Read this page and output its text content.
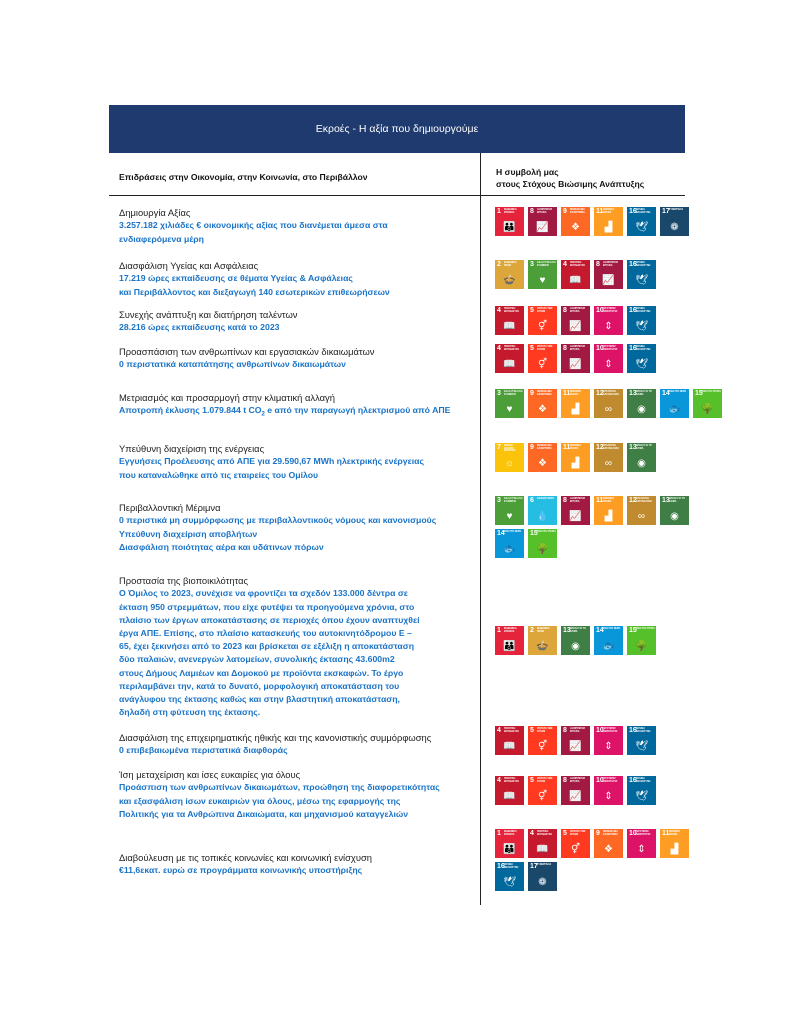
Εκροές - Η αξία που δημιουργούμε
Επιδράσεις στην Οικονομία, στην Κοινωνία, στο Περιβάλλον	Η συμβολή μας
στους Στόχους Βιώσιμης Ανάπτυξης
Δημιουργία Αξίας
3.257.182 χιλιάδες € οικονομικής αξίας που διανέμεται άμεσα στα
ενδιαφερόμενα μέρη
Διασφάλιση Υγείας και Ασφάλειας
17.219 ώρες εκπαίδευσης σε θέματα Υγείας & Ασφάλειας
και Περιβάλλοντος και διεξαγωγή 140 εσωτερικών επιθεωρήσεων
Συνεχής ανάπτυξη και διατήρηση ταλέντων
28.216 ώρες εκπαίδευσης κατά το 2023
Προασπάσιση των ανθρωπίνων και εργασιακών δικαιωμάτων
0 περιστατικά καταπάτησης ανθρωπίνων δικαιωμάτων
Μετριασμός και προσαρμογή στην κλιματική αλλαγή
Αποτροπή έκλυσης 1.079.844 t $CO_2$ e από την παραγωγή ηλεκτρισμού από ΑΠΕ
Υπεύθυνη διαχείριση της ενέργειας
Εγγυήσεις Προέλευσης από ΑΠΕ για 29.590,67 MWh ηλεκτρικής ενέργειας
που καταναλώθηκε από τις εταιρείες του Ομίλου
Περιβαλλοντική Μέριμνα
0 περιστικά μη συμμόρφωσης με περιβαλλοντικούς νόμους και κανονισμούς
Υπεύθυνη διαχείριση αποβλήτων
Διασφάλιση ποιότητας αέρα και υδάτινων πόρων
Προστασία της βιοποικιλότητας
Ο Όμιλος το 2023, συνέχισε να φροντίζει τα σχεδόν 133.000 δέντρα σε
έκταση 950 στρεμμάτων, που είχε φυτέψει τα προηγούμενα χρόνια, στο
πλαίσιο των έργων αποκατάστασης σε περιοχές όπου έχουν αναπτυχθεί
έργα ΑΠΕ. Επίσης, στο πλαίσιο κατασκευής του αυτοκινητόδρομου Ε –
65, έχει ξεκινήσει από το 2023 και βρίσκεται σε εξέλιξη η αποκατάσταση
δύο παλαιών, ανενεργών λατομείων, συνολικής έκτασης 43.600m2
στους Δήμους Λαμιέων και Δομοκού με προϊόντα εκσκαφών. Το έργο
περιλαμβάνει την, κατά το δυνατό, μορφολογική αποκατάσταση του
ανάγλυφου της έκτασης καθώς και στην βλαστητική αποκατάσταση,
δηλαδή στη φύτευση της έκτασης.
Διασφάλιση της επιχειρηματικής ηθικής και της κανονιστικής συμμόρφωσης
0 επιβεβαιωμένα περιστατικά διαφθοράς
Ίση μεταχείριση και ίσες ευκαιρίες για όλους
Προάσπιση των ανθρωπίνων δικαιωμάτων, προώθηση της διαφορετικότητας
και εξασφάλιση ίσων ευκαιριών για όλους, μέσω της εφαρμογής της
Πολιτικής για τα Ανθρώπινα Δικαιώματα, και μηχανισμού καταγγελιών
Διαβούλευση με τις τοπικές κοινωνίες και κοινωνική ενίσχυση
€11,6εκατ. ευρώ σε προγράμματα κοινωνικής υποστήριξης
1 ΜΗΔΕΝΙΚΗ ΦΤΩΧΕΙΑ
👪
8 ΑΞΙΟΠΡΕΠΗΣ ΕΡΓΑΣΙΑ
📈
9 ΒΙΟΜΗΧΑΝΙΑ ΚΑΙΝΟΤΟΜΙΑ
❖
11 ΒΙΩΣΙΜΕΣ ΠΟΛΕΙΣ
▟
16 ΕΙΡΗΝΗ ΔΙΚΑΙΟΣΥΝΗ
🕊
17 ΣΥΝΕΡΓΑΣΙΑ
❁
2 ΜΗΔΕΝΙΚΗ ΠΕΙΝΑ
🍲
3 ΚΑΛΗ ΥΓΕΙΑ ΚΑΙ ΕΥΗΜΕΡΙΑ
♥
4 ΠΟΙΟΤΙΚΗ ΕΚΠΑΙΔΕΥΣΗ
📖
8 ΑΞΙΟΠΡΕΠΗΣ ΕΡΓΑΣΙΑ
📈
16 ΕΙΡΗΝΗ ΔΙΚΑΙΟΣΥΝΗ
🕊
4 ΠΟΙΟΤΙΚΗ ΕΚΠΑΙΔΕΥΣΗ
📖
5 ΙΣΟΤΗΤΑ ΤΩΝ ΦΥΛΩΝ
⚥
8 ΑΞΙΟΠΡΕΠΗΣ ΕΡΓΑΣΙΑ
📈
10 ΛΙΓΟΤΕΡΕΣ ΑΝΙΣΟΤΗΤΕΣ
⇕
16 ΕΙΡΗΝΗ ΔΙΚΑΙΟΣΥΝΗ
🕊
4 ΠΟΙΟΤΙΚΗ ΕΚΠΑΙΔΕΥΣΗ
📖
5 ΙΣΟΤΗΤΑ ΤΩΝ ΦΥΛΩΝ
⚥
8 ΑΞΙΟΠΡΕΠΗΣ ΕΡΓΑΣΙΑ
📈
10 ΛΙΓΟΤΕΡΕΣ ΑΝΙΣΟΤΗΤΕΣ
⇕
16 ΕΙΡΗΝΗ ΔΙΚΑΙΟΣΥΝΗ
🕊
3 ΚΑΛΗ ΥΓΕΙΑ ΚΑΙ ΕΥΗΜΕΡΙΑ
♥
9 ΒΙΟΜΗΧΑΝΙΑ ΚΑΙΝΟΤΟΜΙΑ
❖
11 ΒΙΩΣΙΜΕΣ ΠΟΛΕΙΣ
▟
12 ΥΠΕΥΘΥΝΗ ΚΑΤΑΝΑΛΩΣΗ
∞
13 ΔΡΑΣΗ ΓΙΑ ΤΟ ΚΛΙΜΑ
◉
14 ΖΩΗ ΣΤΟ ΝΕΡΟ
🐟
15 ΖΩΗ ΣΤΗ ΣΤΕΡΙΑ
🌳
7 ΦΘΗΝΗ ΚΑΘΑΡΗ ΕΝΕΡΓΕΙΑ
☼
9 ΒΙΟΜΗΧΑΝΙΑ ΚΑΙΝΟΤΟΜΙΑ
❖
11 ΒΙΩΣΙΜΕΣ ΠΟΛΕΙΣ
▟
12 ΥΠΕΥΘΥΝΗ ΚΑΤΑΝΑΛΩΣΗ
∞
13 ΔΡΑΣΗ ΓΙΑ ΤΟ ΚΛΙΜΑ
◉
3 ΚΑΛΗ ΥΓΕΙΑ ΚΑΙ ΕΥΗΜΕΡΙΑ
♥
6 ΚΑΘΑΡΟ ΝΕΡΟ
💧
8 ΑΞΙΟΠΡΕΠΗΣ ΕΡΓΑΣΙΑ
📈
11 ΒΙΩΣΙΜΕΣ ΠΟΛΕΙΣ
▟
12 ΥΠΕΥΘΥΝΗ ΚΑΤΑΝΑΛΩΣΗ
∞
13 ΔΡΑΣΗ ΓΙΑ ΤΟ ΚΛΙΜΑ
◉
14 ΖΩΗ ΣΤΟ ΝΕΡΟ
🐟
15 ΖΩΗ ΣΤΗ ΣΤΕΡΙΑ
🌳
1 ΜΗΔΕΝΙΚΗ ΦΤΩΧΕΙΑ
👪
2 ΜΗΔΕΝΙΚΗ ΠΕΙΝΑ
🍲
13 ΔΡΑΣΗ ΓΙΑ ΤΟ ΚΛΙΜΑ
◉
14 ΖΩΗ ΣΤΟ ΝΕΡΟ
🐟
15 ΖΩΗ ΣΤΗ ΣΤΕΡΙΑ
🌳
4 ΠΟΙΟΤΙΚΗ ΕΚΠΑΙΔΕΥΣΗ
📖
5 ΙΣΟΤΗΤΑ ΤΩΝ ΦΥΛΩΝ
⚥
8 ΑΞΙΟΠΡΕΠΗΣ ΕΡΓΑΣΙΑ
📈
10 ΛΙΓΟΤΕΡΕΣ ΑΝΙΣΟΤΗΤΕΣ
⇕
16 ΕΙΡΗΝΗ ΔΙΚΑΙΟΣΥΝΗ
🕊
4 ΠΟΙΟΤΙΚΗ ΕΚΠΑΙΔΕΥΣΗ
📖
5 ΙΣΟΤΗΤΑ ΤΩΝ ΦΥΛΩΝ
⚥
8 ΑΞΙΟΠΡΕΠΗΣ ΕΡΓΑΣΙΑ
📈
10 ΛΙΓΟΤΕΡΕΣ ΑΝΙΣΟΤΗΤΕΣ
⇕
16 ΕΙΡΗΝΗ ΔΙΚΑΙΟΣΥΝΗ
🕊
1 ΜΗΔΕΝΙΚΗ ΦΤΩΧΕΙΑ
👪
4 ΠΟΙΟΤΙΚΗ ΕΚΠΑΙΔΕΥΣΗ
📖
5 ΙΣΟΤΗΤΑ ΤΩΝ ΦΥΛΩΝ
⚥
9 ΒΙΟΜΗΧΑΝΙΑ ΚΑΙΝΟΤΟΜΙΑ
❖
10 ΛΙΓΟΤΕΡΕΣ ΑΝΙΣΟΤΗΤΕΣ
⇕
11 ΒΙΩΣΙΜΕΣ ΠΟΛΕΙΣ
▟
16 ΕΙΡΗΝΗ ΔΙΚΑΙΟΣΥΝΗ
🕊
17 ΣΥΝΕΡΓΑΣΙΑ
❁
